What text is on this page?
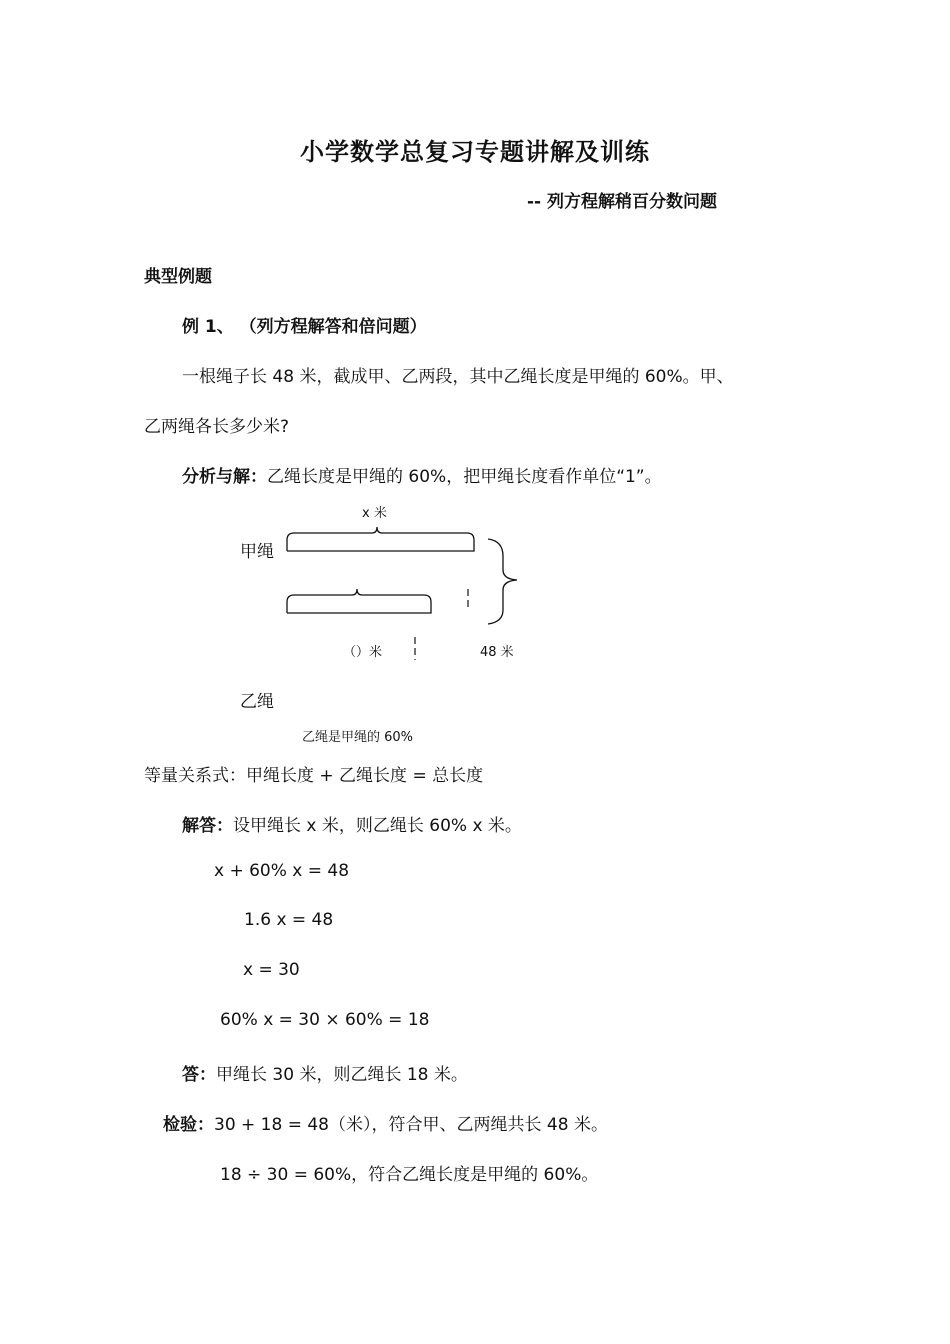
小学数学总复习专题讲解及训练
-- 列方程解稍百分数问题
典型例题
例 1、 （列方程解答和倍问题）
一根绳子长 48 米，截成甲、乙两段，其中乙绳长度是甲绳的 60%。甲、
乙两绳各长多少米?
分析与解：乙绳长度是甲绳的 60%，把甲绳长度看作单位“1”。
x 米
甲绳
（）米	48 米
乙绳
乙绳是甲绳的 60%
等量关系式：甲绳长度 + 乙绳长度 = 总长度
解答：设甲绳长 x 米，则乙绳长 60% x 米。
x + 60% x = 48
1.6 x = 48
x = 30
60% x = 30 × 60% = 18
答：甲绳长 30 米，则乙绳长 18 米。
检验：30 + 18 = 48（米），符合甲、乙两绳共长 48 米。
18 ÷ 30 = 60%，符合乙绳长度是甲绳的 60%。
